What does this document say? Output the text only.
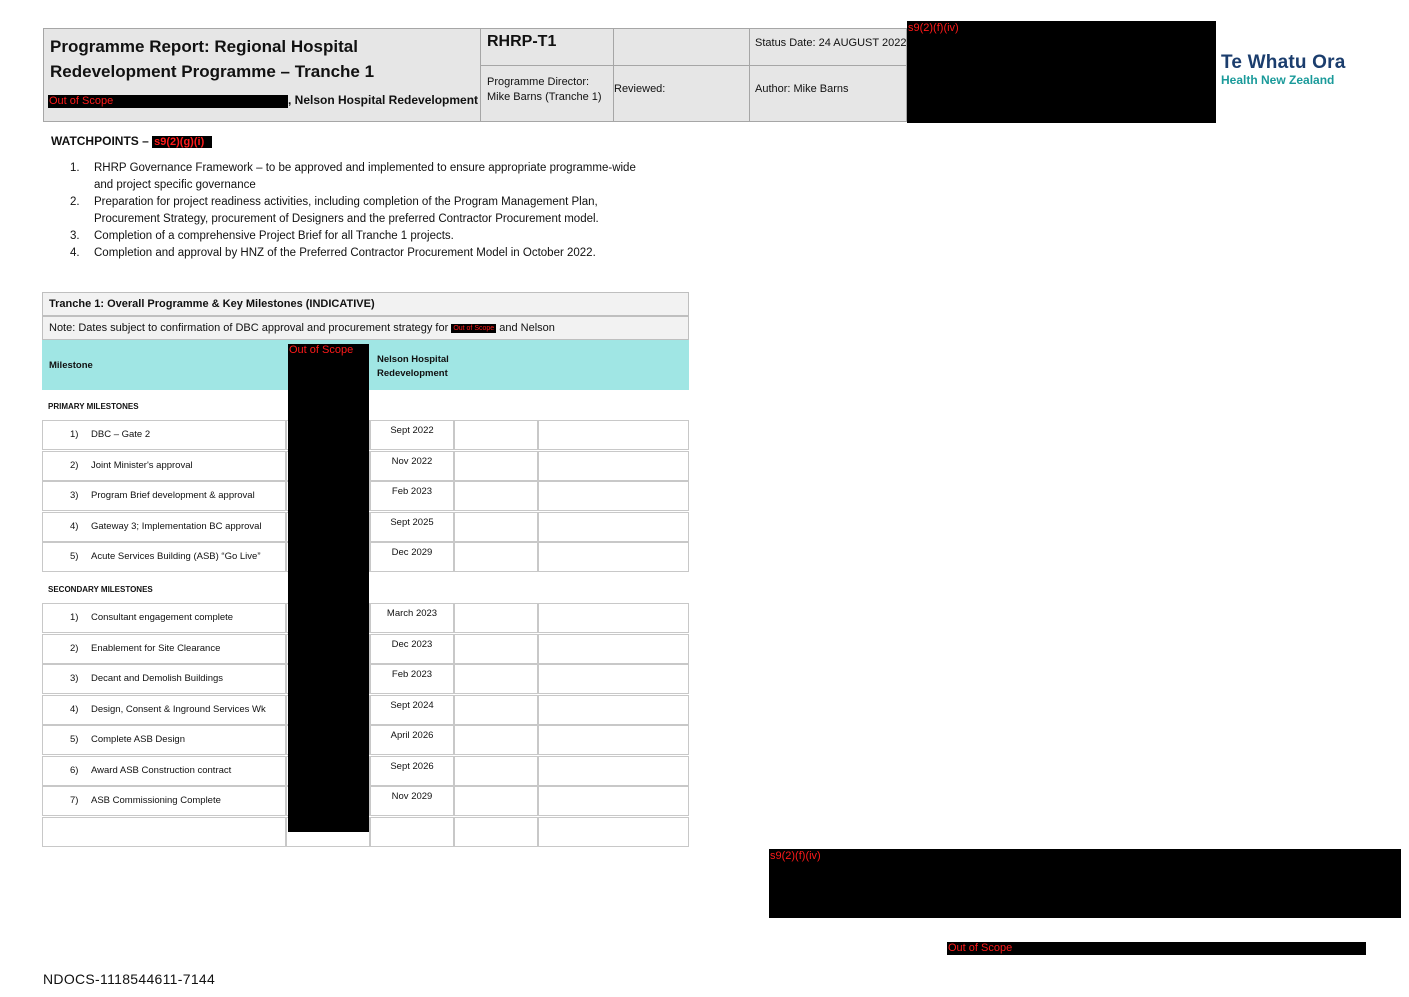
Programme Report: Regional Hospital
Redevelopment Programme – Tranche 1
Out of Scope	, Nelson Hospital Redevelopment
RHRP-T1
Programme Director:
Mike Barns (Tranche 1)
Reviewed:
Status Date: 24 AUGUST 2022
Author: Mike Barns
s9(2)(f)(iv)
Te Whatu Ora
Health New Zealand
WATCHPOINTS – s9(2)(g)(i)
1. RHRP Governance Framework – to be approved and implemented to ensure appropriate programme-wide
and project specific governance
2. Preparation for project readiness activities, including completion of the Program Management Plan,
Procurement Strategy, procurement of Designers and the preferred Contractor Procurement model.
3. Completion of a comprehensive Project Brief for all Tranche 1 projects.
4. Completion and approval by HNZ of the Preferred Contractor Procurement Model in October 2022.
Tranche 1: Overall Programme & Key Milestones (INDICATIVE)
Note: Dates subject to confirmation of DBC approval and procurement strategy for Out of Scope and Nelson
Milestone
Nelson Hospital
Redevelopment
PRIMARY MILESTONES
SECONDARY MILESTONES
1) DBC – Gate 2	Sept 2022
2) Joint Minister's approval	Nov 2022
3) Program Brief development & approval	Feb 2023
4) Gateway 3; Implementation BC approval	Sept 2025
5) Acute Services Building (ASB) “Go Live”	Dec 2029
1) Consultant engagement complete	March 2023
2) Enablement for Site Clearance	Dec 2023
3) Decant and Demolish Buildings	Feb 2023
4) Design, Consent & Inground Services Wk	Sept 2024
5) Complete ASB Design	April 2026
6) Award ASB Construction contract	Sept 2026
7) ASB Commissioning Complete	Nov 2029
Out of Scope
s9(2)(f)(iv)
Out of Scope
NDOCS-1118544611-7144
